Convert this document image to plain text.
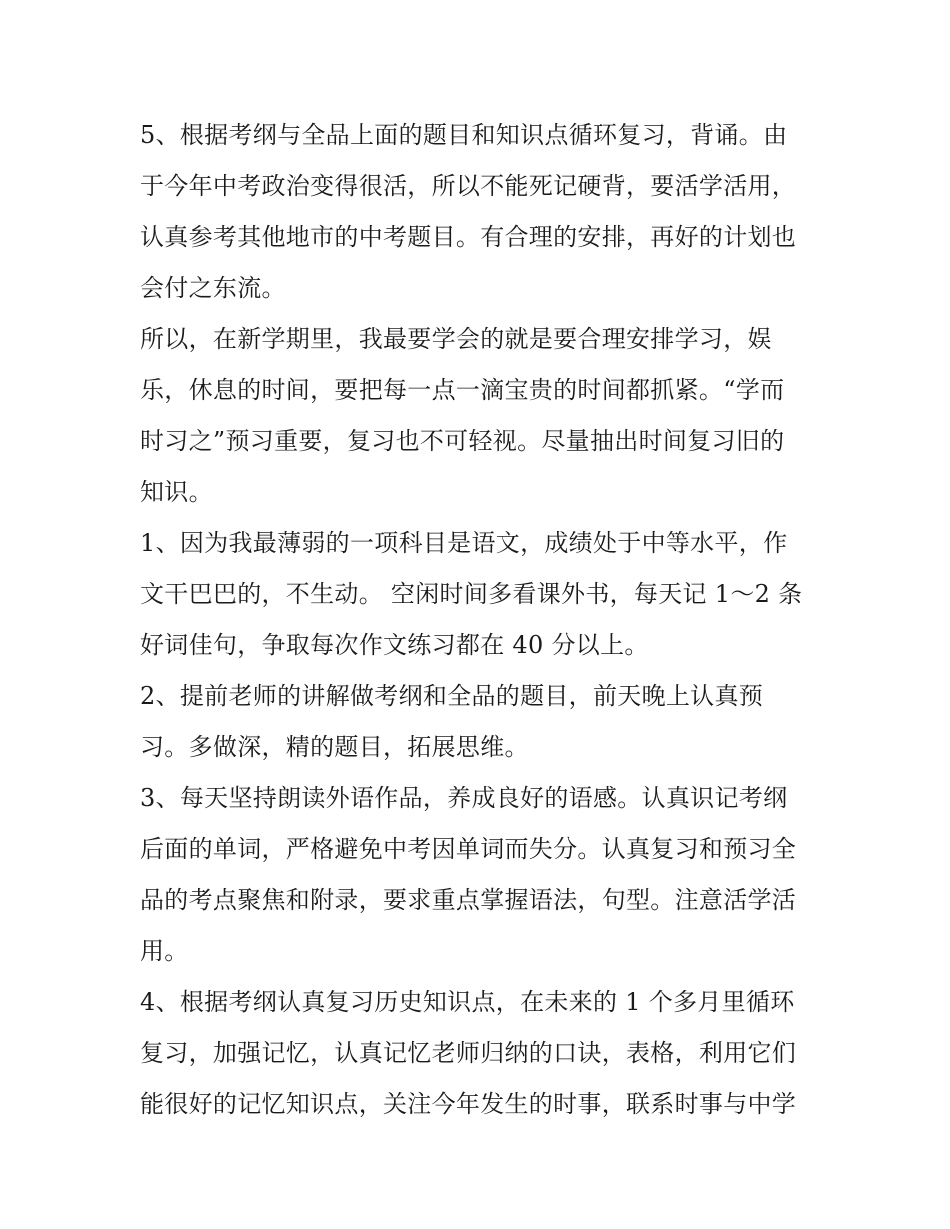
5、根据考纲与全品上面的题目和知识点循环复习，背诵。由
于今年中考政治变得很活，所以不能死记硬背，要活学活用，
认真参考其他地市的中考题目。有合理的安排，再好的计划也
会付之东流。
所以，在新学期里，我最要学会的就是要合理安排学习，娱
乐，休息的时间，要把每一点一滴宝贵的时间都抓紧。“学而
时习之”预习重要，复习也不可轻视。尽量抽出时间复习旧的
知识。
1、因为我最薄弱的一项科目是语文，成绩处于中等水平，作
文干巴巴的，不生动。 空闲时间多看课外书，每天记 1～2 条
好词佳句，争取每次作文练习都在 40 分以上。
2、提前老师的讲解做考纲和全品的题目，前天晚上认真预
习。多做深，精的题目，拓展思维。
3、每天坚持朗读外语作品，养成良好的语感。认真识记考纲
后面的单词，严格避免中考因单词而失分。认真复习和预习全
品的考点聚焦和附录，要求重点掌握语法，句型。注意活学活
用。
4、根据考纲认真复习历史知识点，在未来的 1 个多月里循环
复习，加强记忆，认真记忆老师归纳的口诀，表格，利用它们
能很好的记忆知识点，关注今年发生的时事，联系时事与中学
